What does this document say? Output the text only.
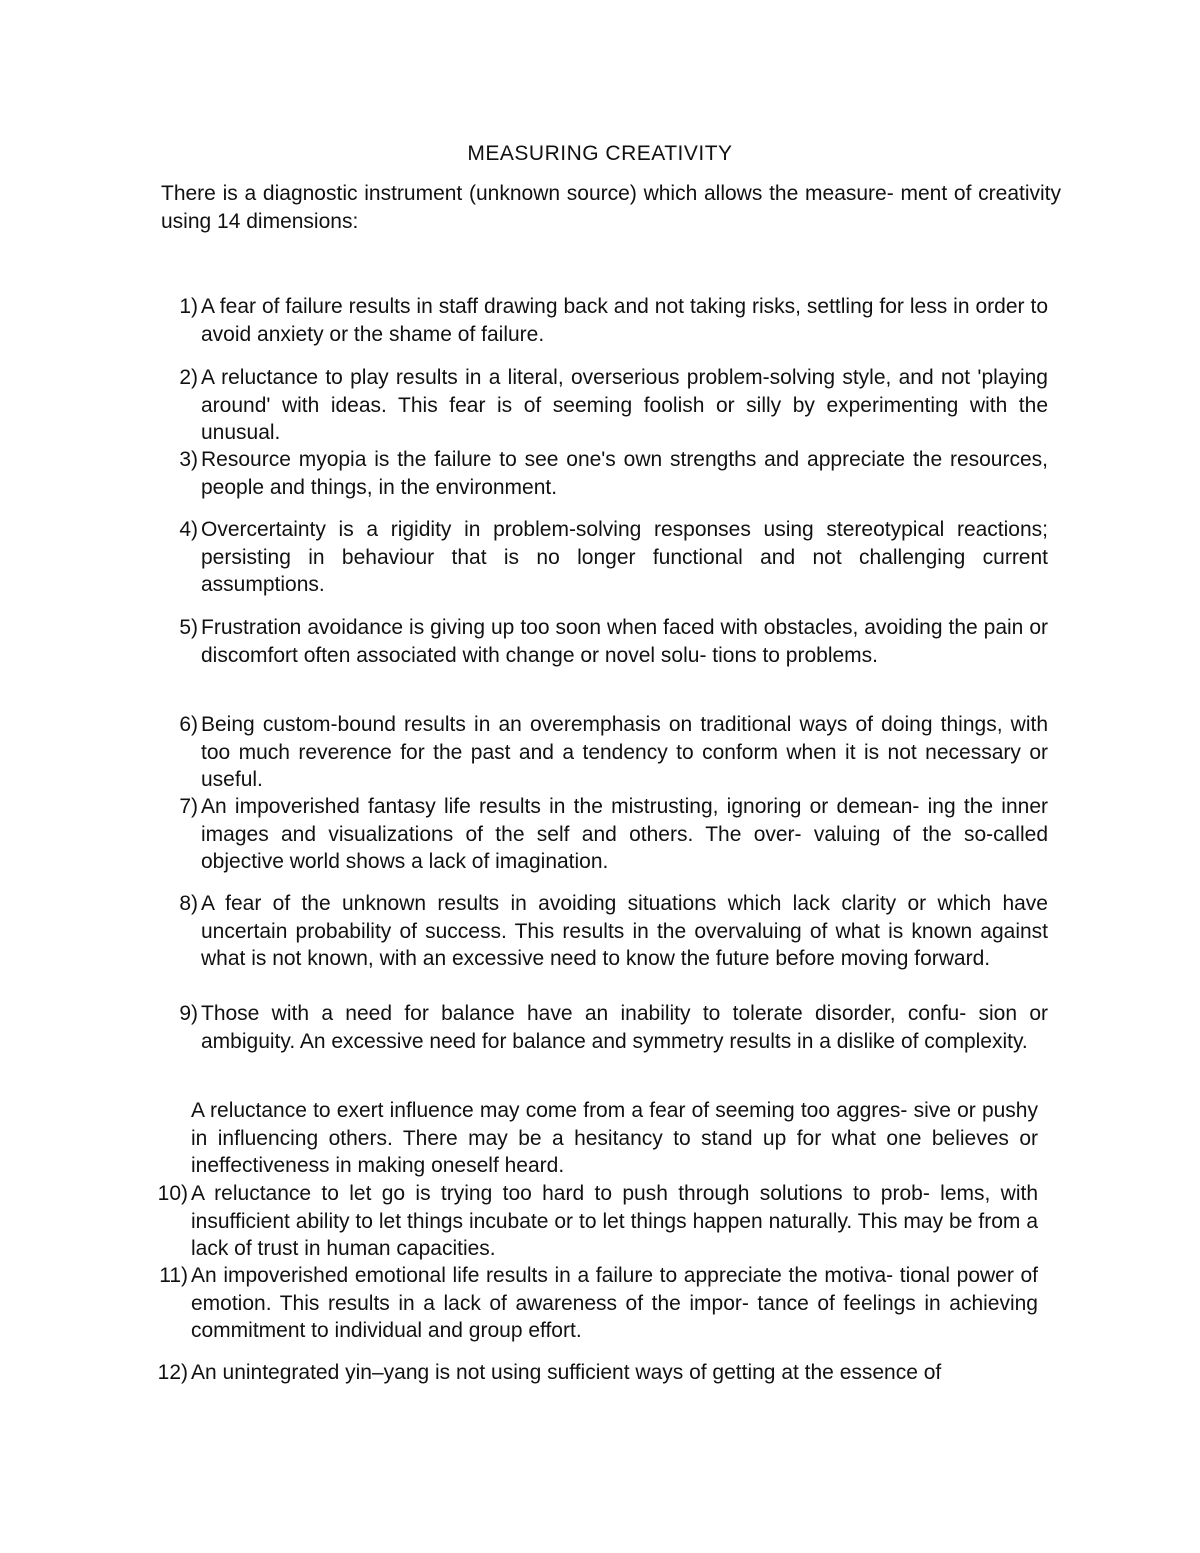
MEASURING CREATIVITY
There is a diagnostic instrument (unknown source) which allows the measure- ment of creativity using 14 dimensions:
1) A fear of failure results in staff drawing back and not taking risks, settling for less in order to avoid anxiety or the shame of failure.
2) A reluctance to play results in a literal, overserious problem-solving style, and not 'playing around' with ideas. This fear is of seeming foolish or silly by experimenting with the unusual.
3) Resource myopia is the failure to see one's own strengths and appreciate the resources, people and things, in the environment.
4) Overcertainty is a rigidity in problem-solving responses using stereotypical reactions; persisting in behaviour that is no longer functional and not challenging current assumptions.
5) Frustration avoidance is giving up too soon when faced with obstacles, avoiding the pain or discomfort often associated with change or novel solu- tions to problems.
6) Being custom-bound results in an overemphasis on traditional ways of doing things, with too much reverence for the past and a tendency to conform when it is not necessary or useful.
7) An impoverished fantasy life results in the mistrusting, ignoring or demean- ing the inner images and visualizations of the self and others. The over- valuing of the so-called objective world shows a lack of imagination.
8) A fear of the unknown results in avoiding situations which lack clarity or which have uncertain probability of success. This results in the overvaluing of what is known against what is not known, with an excessive need to know the future before moving forward.
9) Those with a need for balance have an inability to tolerate disorder, confu- sion or ambiguity. An excessive need for balance and symmetry results in a dislike of complexity.
A reluctance to exert influence may come from a fear of seeming too aggres- sive or pushy in influencing others. There may be a hesitancy to stand up for what one believes or ineffectiveness in making oneself heard.
10) A reluctance to let go is trying too hard to push through solutions to prob- lems, with insufficient ability to let things incubate or to let things happen naturally. This may be from a lack of trust in human capacities.
11) An impoverished emotional life results in a failure to appreciate the motiva- tional power of emotion. This results in a lack of awareness of the impor- tance of feelings in achieving commitment to individual and group effort.
12) An unintegrated yin–yang is not using sufficient ways of getting at the essence of
